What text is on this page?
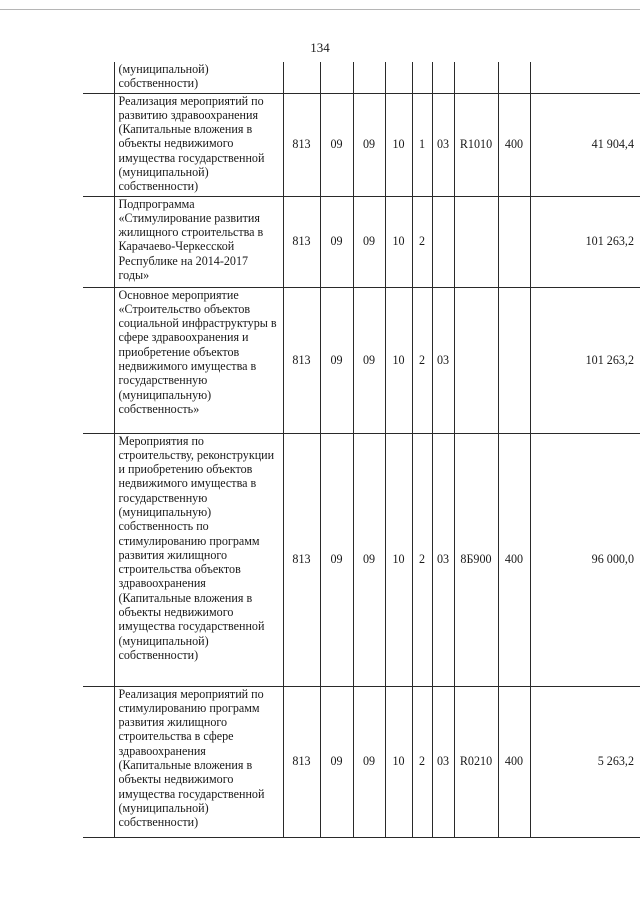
134
	(муниципальной)
собственности)									
	Реализация мероприятий по развитию здравоохранения (Капитальные вложения в объекты недвижимого имущества государственной (муниципальной) собственности)	813	09	09	10	1	03	R1010	400	41 904,4
	Подпрограмма «Стимулирование развития жилищного строительства в Карачаево-Черкесской Республике на 2014-2017 годы»	813	09	09	10	2				101 263,2
	Основное мероприятие «Строительство объектов социальной инфраструктуры в сфере здравоохранения и приобретение объектов недвижимого имущества в государственную (муниципальную) собственность»	813	09	09	10	2	03			101 263,2
	Мероприятия по строительству, реконструкции и приобретению объектов недвижимого имущества в государственную (муниципальную) собственность по стимулированию программ развития жилищного строительства объектов здравоохранения (Капитальные вложения в объекты недвижимого имущества государственной (муниципальной) собственности)	813	09	09	10	2	03	8Б900	400	96 000,0
	Реализация мероприятий по стимулированию программ развития жилищного строительства в сфере здравоохранения (Капитальные вложения в объекты недвижимого имущества государственной (муниципальной) собственности)	813	09	09	10	2	03	R0210	400	5 263,2
